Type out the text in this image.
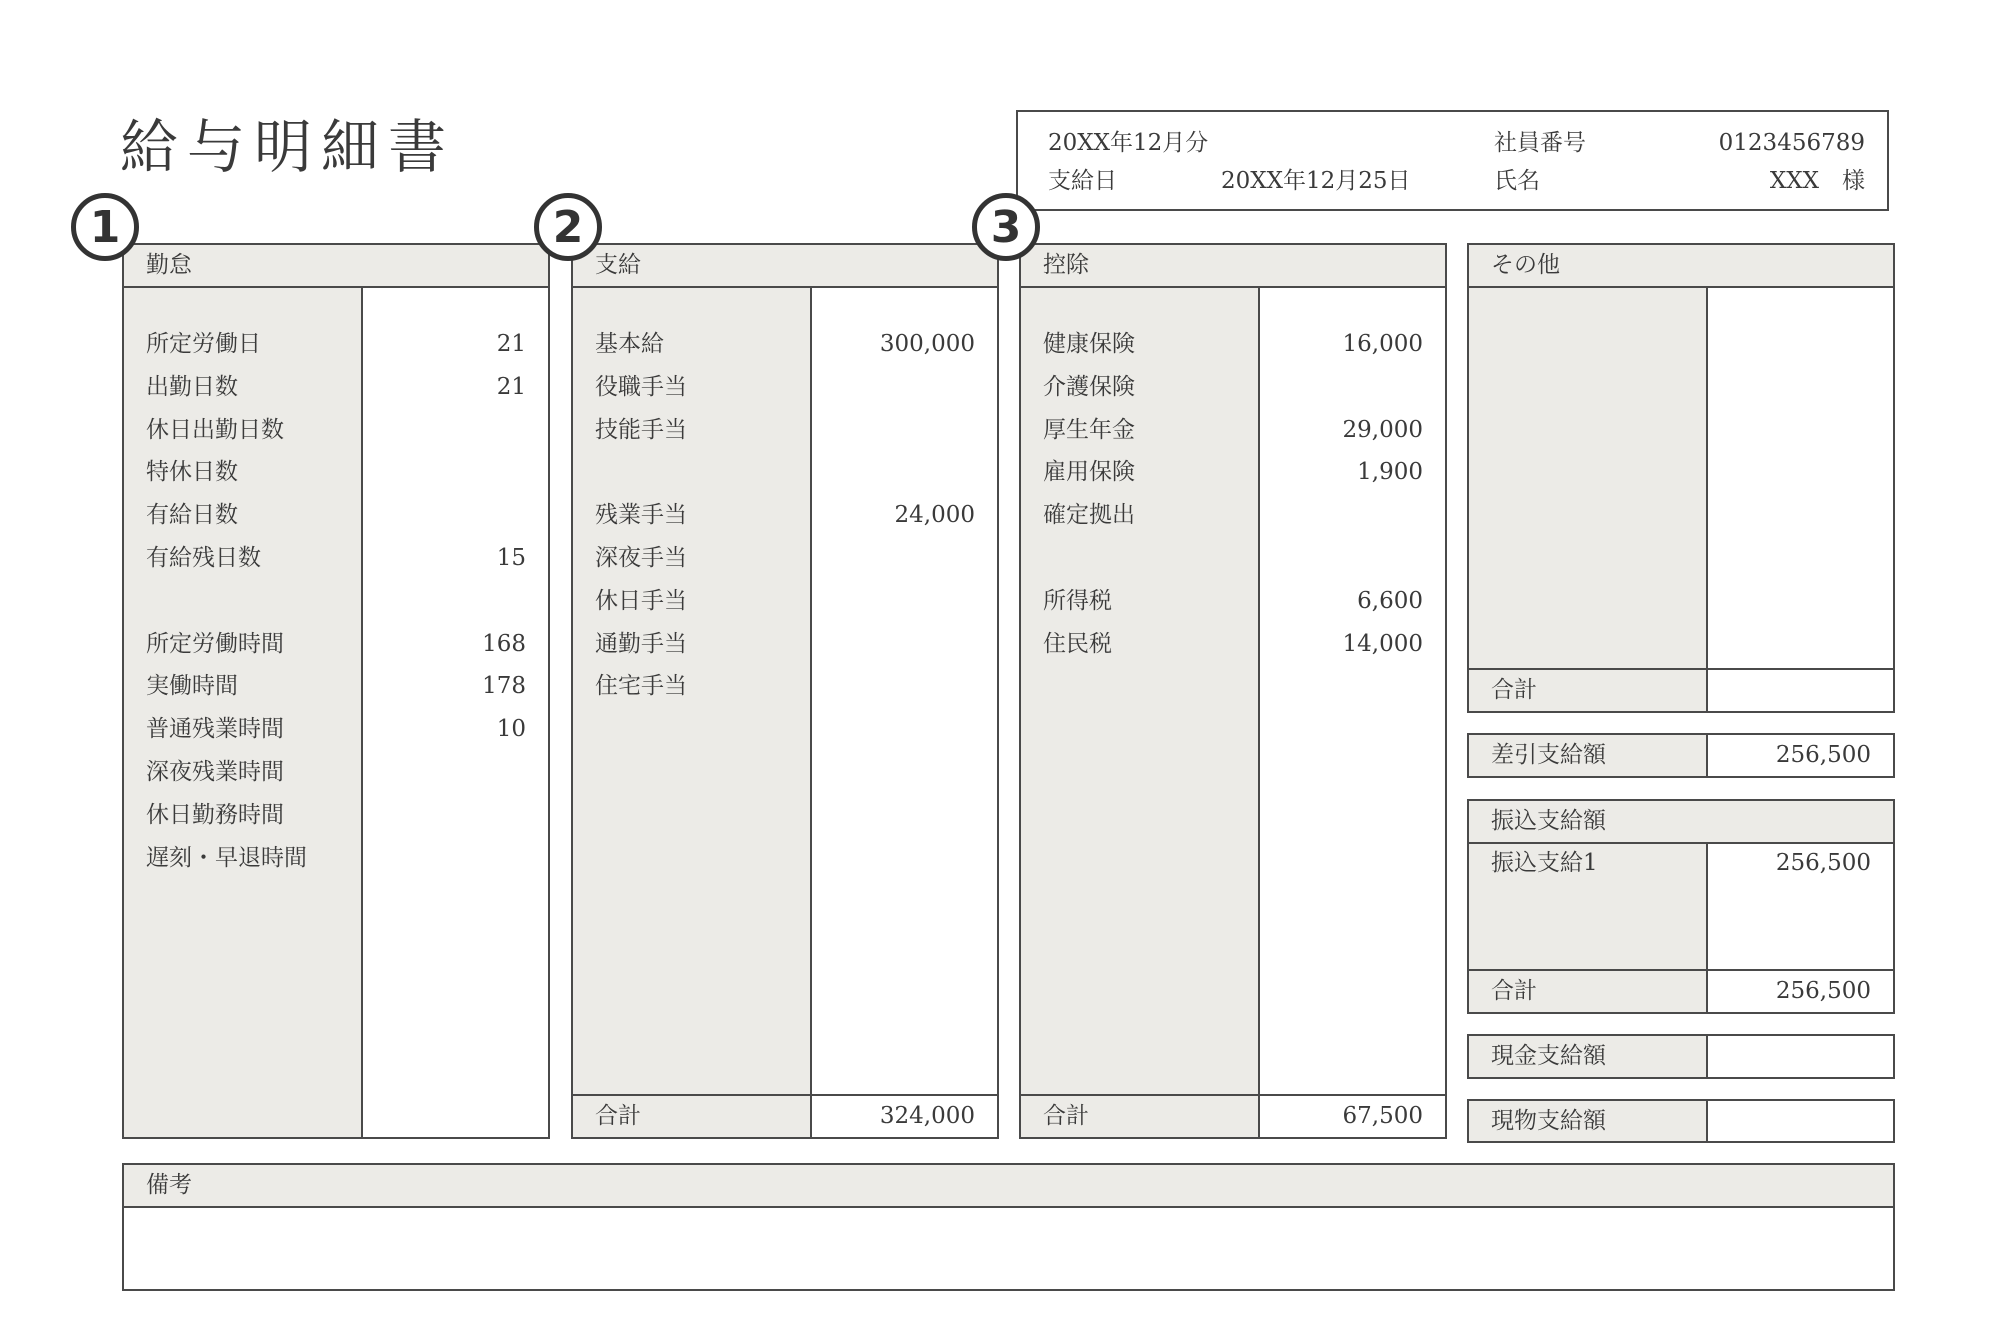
給与明細書	20XX年12月分
支給日	20XX年12月25日
社員番号	0123456789
氏名	XXX　様
1	2	3
勤怠
所定労働日	21
出勤日数	21
休日出勤日数
特休日数
有給日数
有給残日数	15
所定労働時間	168
実働時間	178
普通残業時間	10
深夜残業時間
休日勤務時間
遅刻・早退時間
支給
基本給	300,000
役職手当
技能手当
残業手当	24,000
深夜手当
休日手当
通勤手当
住宅手当
合計	324,000
控除
健康保険	16,000
介護保険
厚生年金	29,000
雇用保険	1,900
確定拠出
所得税	6,600
住民税	14,000
合計	67,500
その他
合計
差引支給額	256,500
振込支給額
振込支給1	256,500
合計	256,500
現金支給額
現物支給額
備考
